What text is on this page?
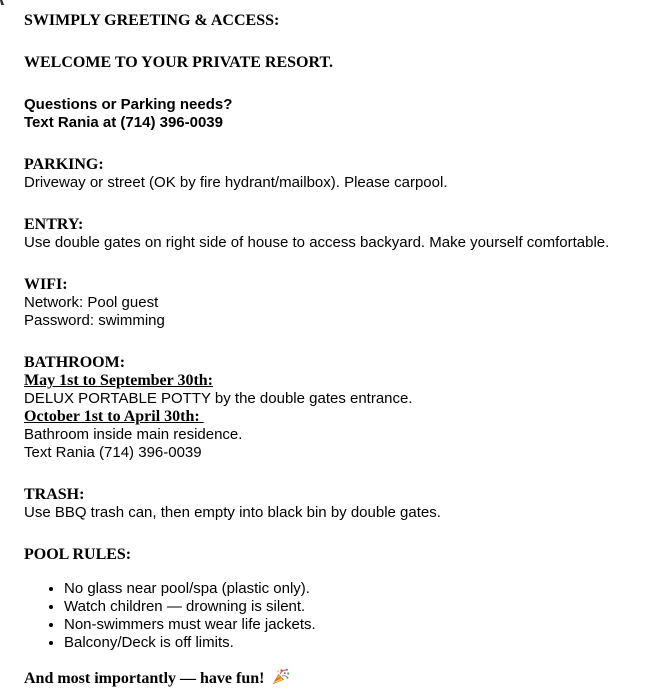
SWIMPLY GREETING & ACCESS:

WELCOME TO YOUR PRIVATE RESORT.

Questions or Parking needs?
Text Rania at (714) 396-0039

PARKING:
Driveway or street (OK by fire hydrant/mailbox). Please carpool.

ENTRY:
Use double gates on right side of house to access backyard. Make yourself comfortable.

WIFI:
Network: Pool guest
Password: swimming

BATHROOM:
May 1st to September 30th:
DELUX PORTABLE POTTY by the double gates entrance.
October 1st to April 30th:
Bathroom inside main residence.
Text Rania (714) 396-0039

TRASH:
Use BBQ trash can, then empty into black bin by double gates.

POOL RULES:

• No glass near pool/spa (plastic only).
• Watch children — drowning is silent.
• Non-swimmers must wear life jackets.
• Balcony/Deck is off limits.

And most importantly — have fun!
